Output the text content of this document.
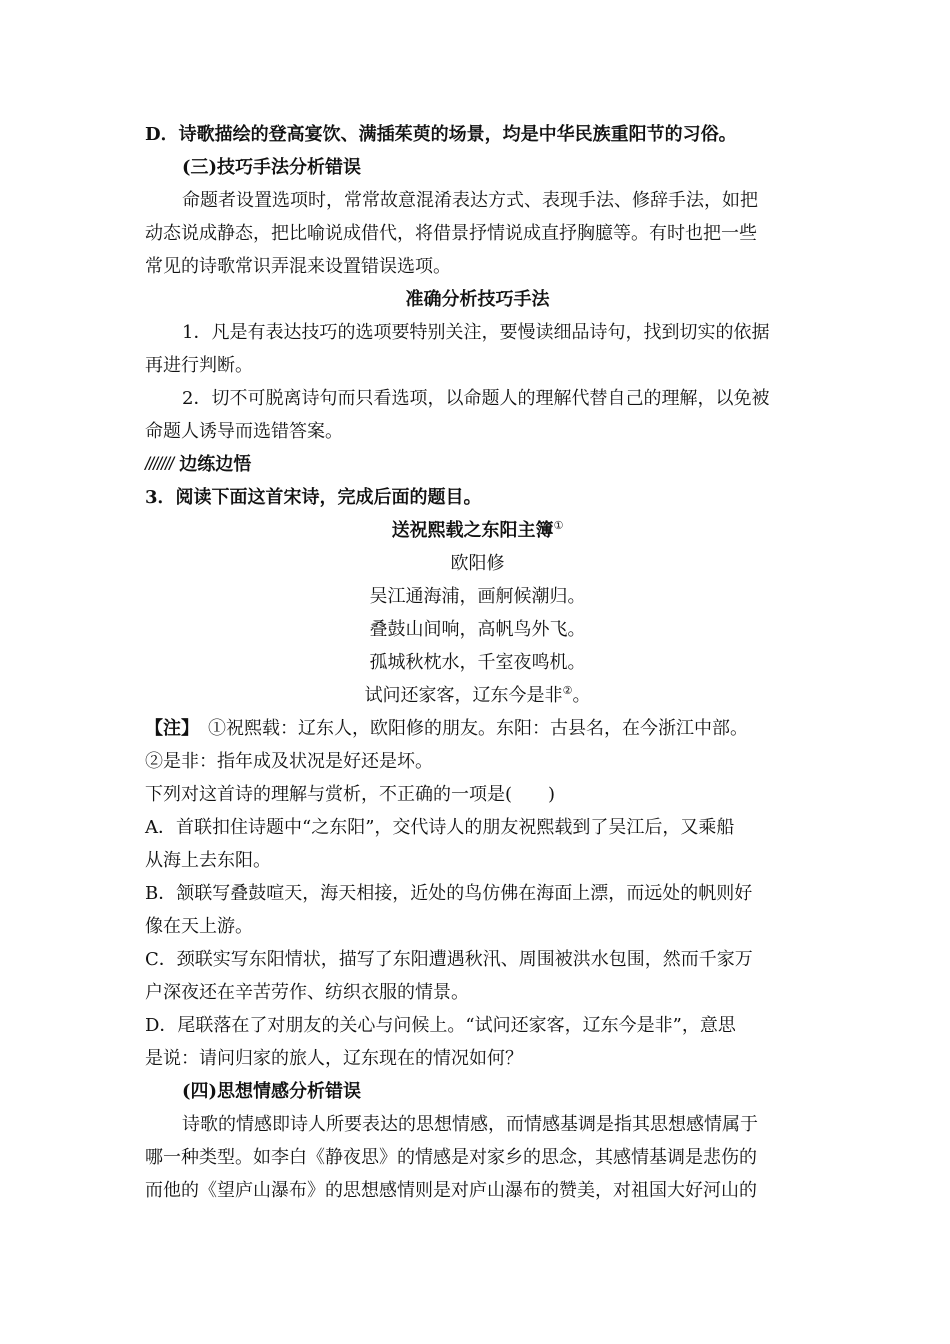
D．诗歌描绘的登高宴饮、满插茱萸的场景，均是中华民族重阳节的习俗。

(三)技巧手法分析错误

命题者设置选项时，常常故意混淆表达方式、表现手法、修辞手法，如把

动态说成静态，把比喻说成借代，将借景抒情说成直抒胸臆等。有时也把一些

常见的诗歌常识弄混来设置错误选项。

准确分析技巧手法

1．凡是有表达技巧的选项要特别关注，要慢读细品诗句，找到切实的依据

再进行判断。

2．切不可脱离诗句而只看选项，以命题人的理解代替自己的理解，以免被

命题人诱导而选错答案。

/////// 边练边悟

3．阅读下面这首宋诗，完成后面的题目。

送祝熙载之东阳主簿①

欧阳修

吴江通海浦，画舸候潮归。

叠鼓山间响，高帆鸟外飞。

孤城秋枕水，千室夜鸣机。

试问还家客，辽东今是非②。

【注】　①祝熙载：辽东人，欧阳修的朋友。东阳：古县名，在今浙江中部。

②是非：指年成及状况是好还是坏。

下列对这首诗的理解与赏析，不正确的一项是(　　)

A．首联扣住诗题中“之东阳”，交代诗人的朋友祝熙载到了吴江后，又乘船

从海上去东阳。

B．颔联写叠鼓喧天，海天相接，近处的鸟仿佛在海面上漂，而远处的帆则好

像在天上游。

C．颈联实写东阳情状，描写了东阳遭遇秋汛、周围被洪水包围，然而千家万

户深夜还在辛苦劳作、纺织衣服的情景。

D．尾联落在了对朋友的关心与问候上。“试问还家客，辽东今是非”，意思

是说：请问归家的旅人，辽东现在的情况如何？

(四)思想情感分析错误

诗歌的情感即诗人所要表达的思想情感，而情感基调是指其思想感情属于

哪一种类型。如李白《静夜思》的情感是对家乡的思念，其感情基调是悲伤的

而他的《望庐山瀑布》的思想感情则是对庐山瀑布的赞美，对祖国大好河山的
